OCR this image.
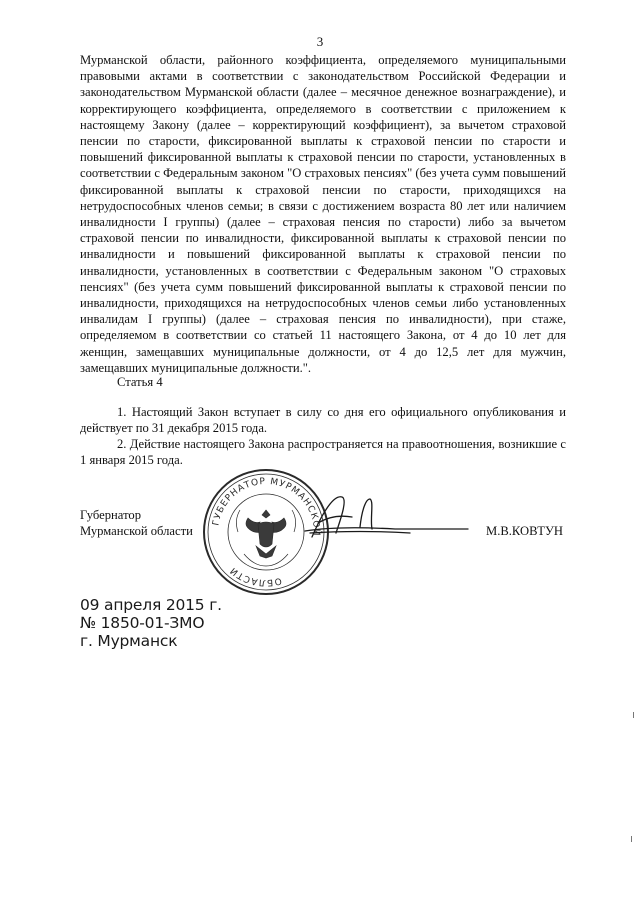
3

Мурманской области, районного коэффициента, определяемого муниципальными правовыми актами в соответствии с законодательством Российской Федерации и законодательством Мурманской области (далее – месячное денежное вознаграждение), и корректирующего коэффициента, определяемого в соответствии с приложением к настоящему Закону (далее – корректирующий коэффициент), за вычетом страховой пенсии по старости, фиксированной выплаты к страховой пенсии по старости и повышений фиксированной выплаты к страховой пенсии по старости, установленных в соответствии с Федеральным законом "О страховых пенсиях" (без учета сумм повышений фиксированной выплаты к страховой пенсии по старости, приходящихся на нетрудоспособных членов семьи; в связи с достижением возраста 80 лет или наличием инвалидности I группы) (далее – страховая пенсия по старости) либо за вычетом страховой пенсии по инвалидности, фиксированной выплаты к страховой пенсии по инвалидности и повышений фиксированной выплаты к страховой пенсии по инвалидности, установленных в соответствии с Федеральным законом "О страховых пенсиях" (без учета сумм повышений фиксированной выплаты к страховой пенсии по инвалидности, приходящихся на нетрудоспособных членов семьи либо установленных инвалидам I группы) (далее – страховая пенсия по инвалидности), при стаже, определяемом в соответствии со статьей 11 настоящего Закона, от 4 до 10 лет для женщин, замещавших муниципальные должности, от 4 до 12,5 лет для мужчин, замещавших муниципальные должности.".

Статья 4
1. Настоящий Закон вступает в силу со дня его официального опубликования и действует по 31 декабря 2015 года.
2. Действие настоящего Закона распространяется на правоотношения, возникшие с 1 января 2015 года.
Губернатор
Мурманской области	М.В.КОВТУН
ГУБЕРНАТОР МУРМАНСКОЙ
ОБЛАСТИ
09 апреля 2015 г.
№ 1850-01-ЗМО
г. Мурманск
